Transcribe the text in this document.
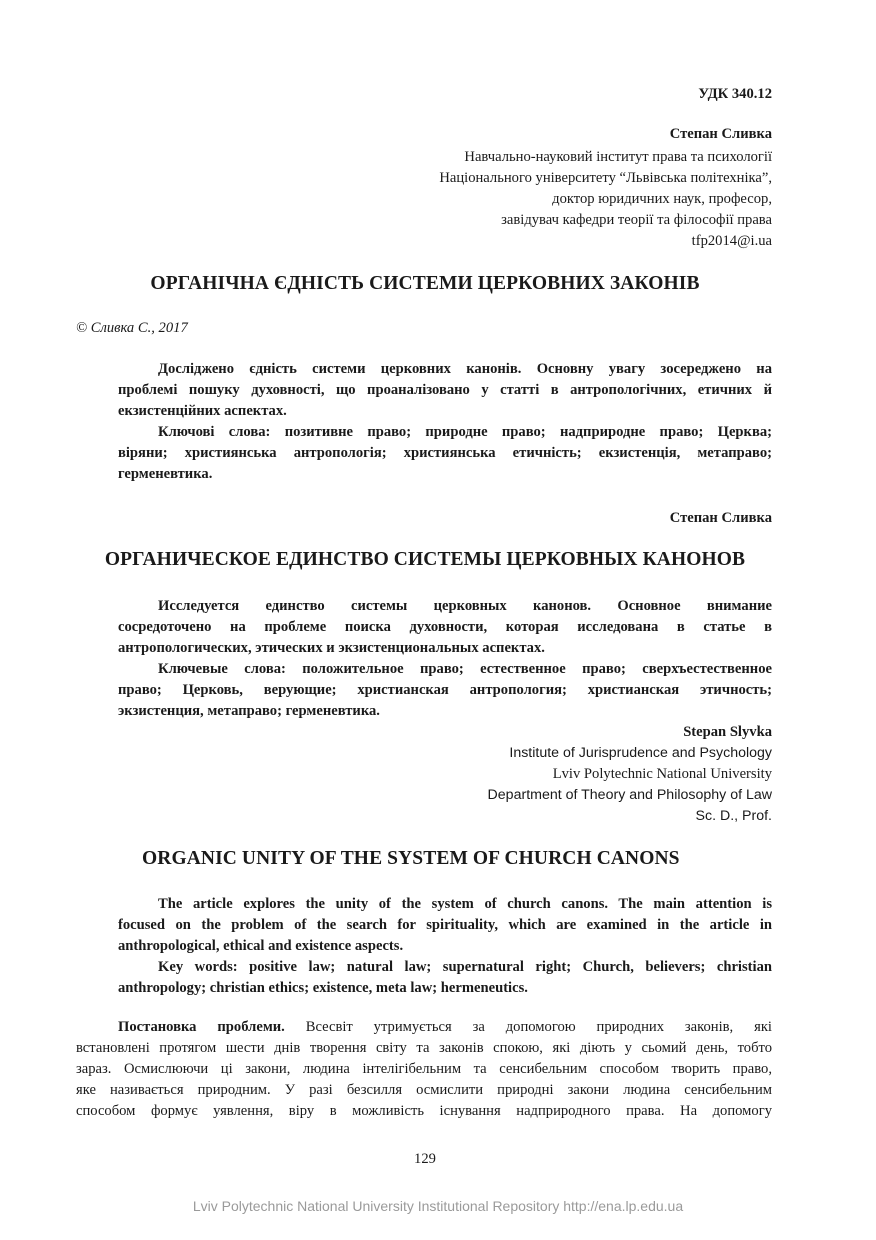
УДК 340.12
Степан Сливка
Навчально-науковий інститут права та психології
Національного університету “Львівська політехніка”,
доктор юридичних наук, професор,
завідувач кафедри теорії та філософії права
tfp2014@i.ua
ОРГАНІЧНА ЄДНІСТЬ СИСТЕМИ ЦЕРКОВНИХ ЗАКОНІВ
© Сливка С., 2017

Досліджено єдність системи церковних канонів. Основну увагу зосереджено на
проблемі пошуку духовності, що проаналізовано у статті в антропологічних, етичних й
екзистенційних аспектах.

Ключові слова: позитивне право; природне право; надприродне право; Церква;
віряни; християнська антропологія; християнська етичність; екзистенція, метаправо;
герменевтика.

Степан Сливка
ОРГАНИЧЕСКОЕ ЕДИНСТВО СИСТЕМЫ ЦЕРКОВНЫХ КАНОНОВ

Исследуется единство системы церковных канонов. Основное внимание
сосредоточено на проблеме поиска духовности, которая исследована в статье в
антропологических, этических и экзистенциональных аспектах.

Ключевые слова: положительное право; естественное право; сверхъестественное
право; Церковь, верующие; христианская антропология; христианская этичность;
экзистенция, метаправо; герменевтика.

Stepan Slyvka
Institute of Jurisprudence and Psychology
Lviv Polytechnic National University
Department of Theory and Philosophy of Law
Sc. D., Prof.
ORGANIC UNITY OF THE SYSTEM OF CHURCH CANONS

The article explores the unity of the system of church canons. The main attention is
focused on the problem of the search for spirituality, which are examined in the article in
anthropological, ethical and existence aspects.

Key words: positive law; natural law; supernatural right; Church, believers; christian
anthropology; christian ethics; existence, meta law; hermeneutics.

Постановка проблеми. Всесвіт утримується за допомогою природних законів, які
встановлені протягом шести днів творення світу та законів спокою, які діють у сьомий день, тобто
зараз. Осмислюючи ці закони, людина інтелігібельним та сенсибельним способом творить право,
яке називається природним. У разі безсилля осмислити природні закони людина сенсибельним
способом формує уявлення, віру в можливість існування надприродного права. На допомогу
129
Lviv Polytechnic National University Institutional Repository http://ena.lp.edu.ua
